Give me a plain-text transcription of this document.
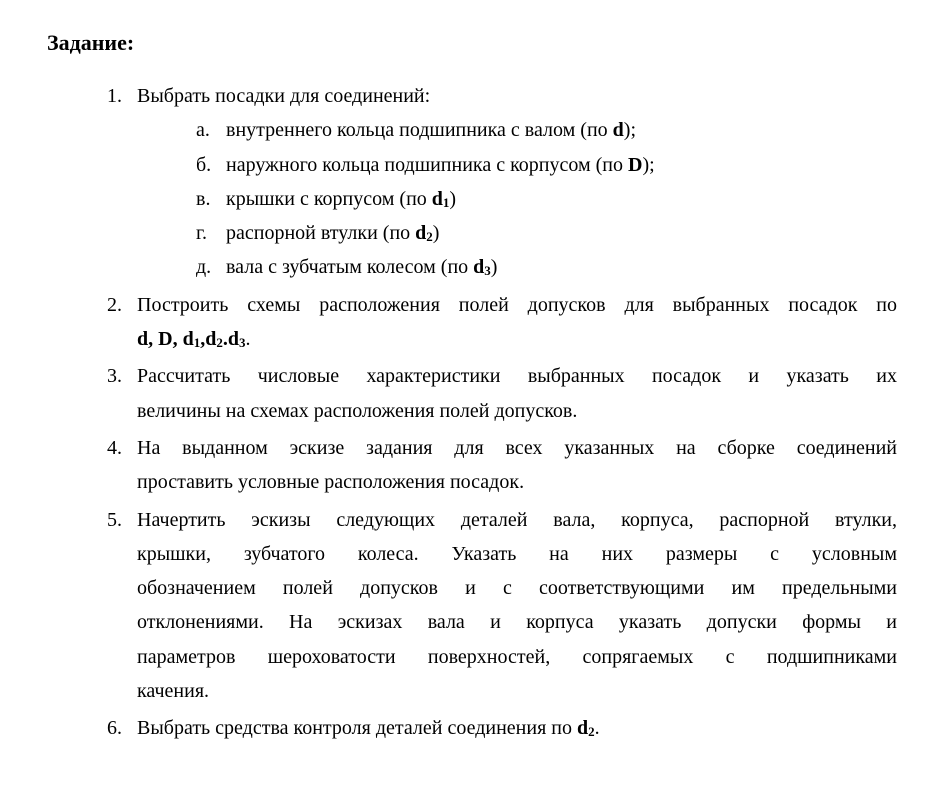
Задание:
1. Выбрать посадки для соединений:
а. внутреннего кольца подшипника с валом (по d);
б. наружного кольца подшипника с корпусом (по D);
в. крышки с корпусом (по $d_1$)
г. распорной втулки (по $d_2$)
д. вала с зубчатым колесом (по $d_3$)
2. Построить схемы расположения полей допусков для выбранных посадок по
d, D, $d_1,d_2.d_3$.
3. Рассчитать числовые характеристики выбранных посадок и указать их
величины на схемах расположения полей допусков.
4. На выданном эскизе задания для всех указанных на сборке соединений
проставить условные расположения посадок.
5. Начертить эскизы следующих деталей вала, корпуса, распорной втулки,
крышки, зубчатого колеса. Указать на них размеры с условным
обозначением полей допусков и с соответствующими им предельными
отклонениями. На эскизах вала и корпуса указать допуски формы и
параметров шероховатости поверхностей, сопрягаемых с подшипниками
качения.
6. Выбрать средства контроля деталей соединения по $d_2$.
